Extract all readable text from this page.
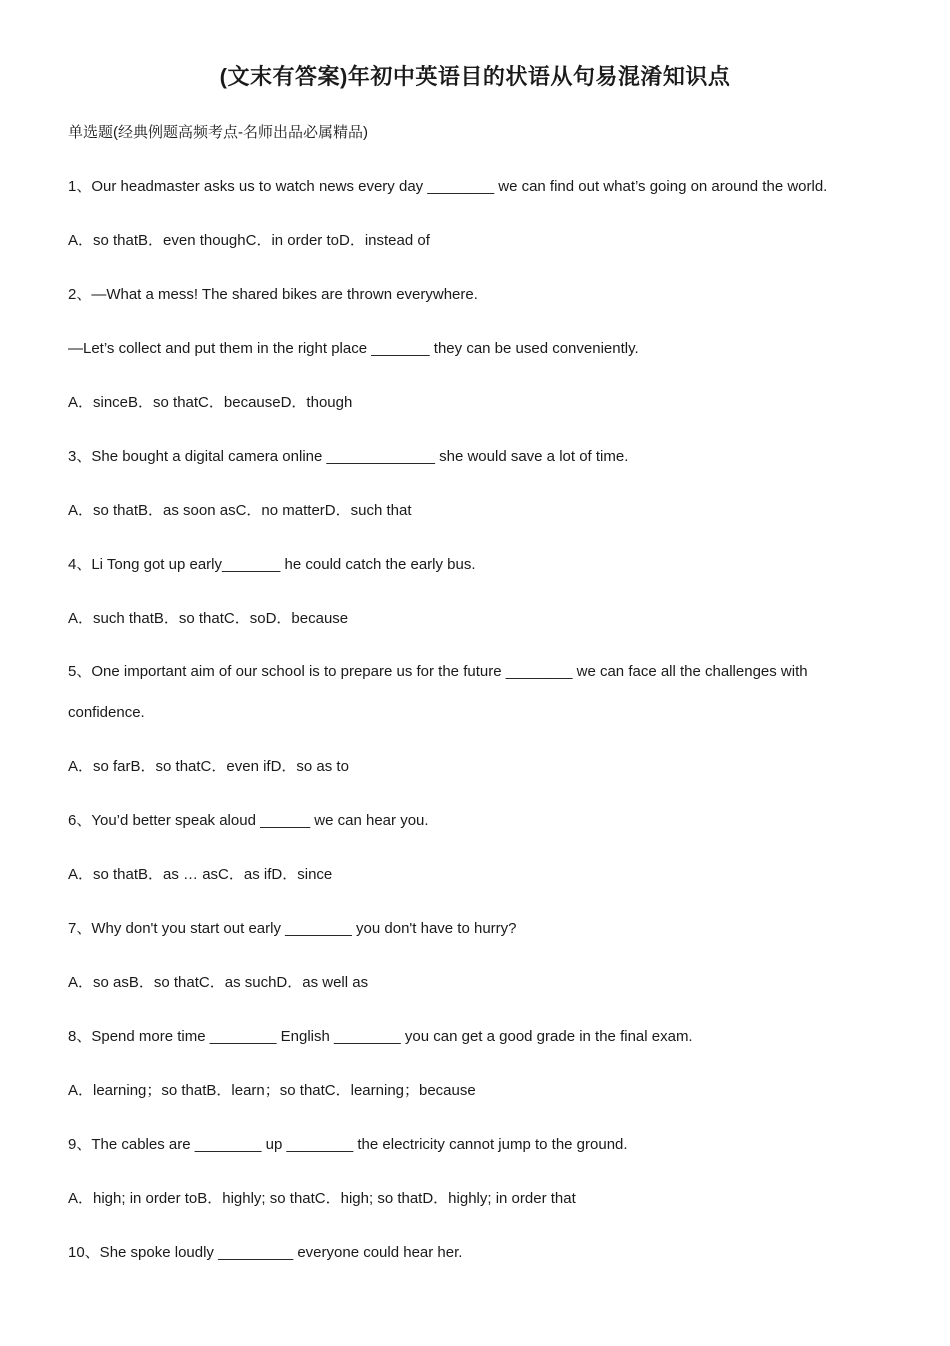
(文末有答案)年初中英语目的状语从句易混淆知识点
单选题(经典例题高频考点-名师出品必属精品)
1、Our headmaster asks us to watch news every day ________ we can find out what’s going on around the world.
A．so thatB．even thoughC．in order toD．instead of
2、—What a mess! The shared bikes are thrown everywhere.
—Let’s collect and put them in the right place _______ they can be used conveniently.
A．sinceB．so thatC．becauseD．though
3、She bought a digital camera online _____________ she would save a lot of time.
A．so thatB．as soon asC．no matterD．such that
4、Li Tong got up early_______ he could catch the early bus.
A．such thatB．so thatC．soD．because
5、One important aim of our school is to prepare us for the future ________ we can face all the challenges with
confidence.
A．so farB．so thatC．even ifD．so as to
6、You’d better speak aloud ______ we can hear you.
A．so thatB．as … asC．as ifD．since
7、Why don't you start out early ________ you don't have to hurry?
A．so asB．so thatC．as suchD．as well as
8、Spend more time ________ English ________ you can get a good grade in the final exam.
A．learning；so thatB．learn；so thatC．learning；because
9、The cables are ________ up ________ the electricity cannot jump to the ground.
A．high; in order toB．highly; so thatC．high; so thatD．highly; in order that
10、She spoke loudly _________ everyone could hear her.
